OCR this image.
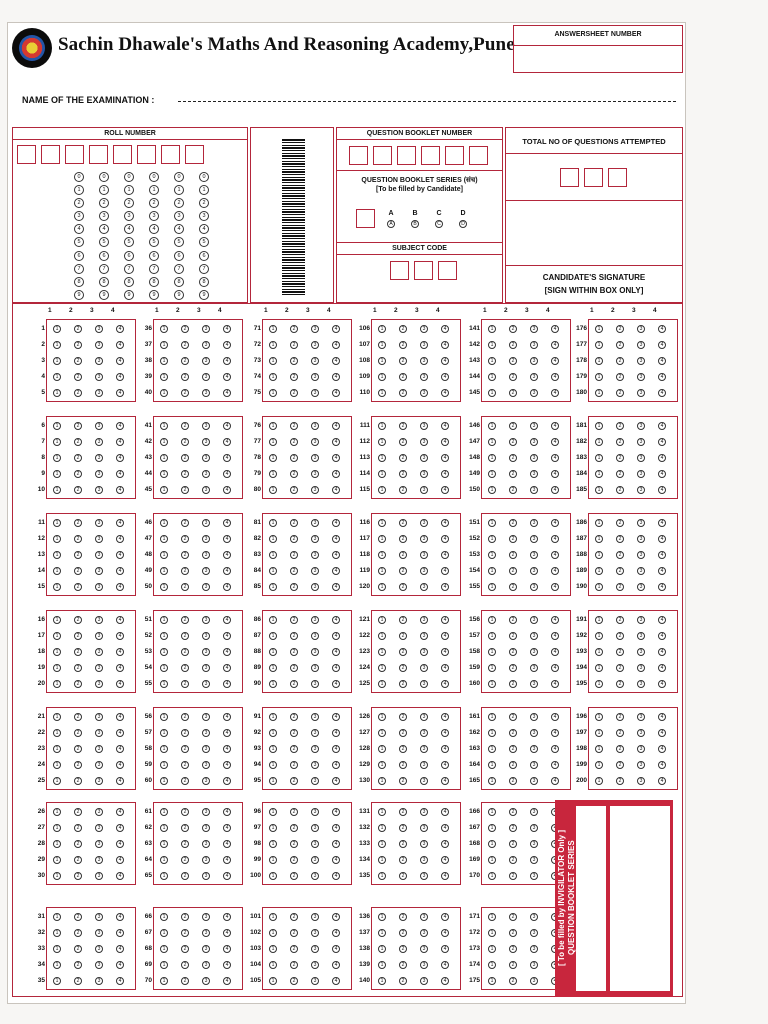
Sachin Dhawale's Maths And Reasoning Academy,Pune	ANSWERSHEET NUMBER
NAME OF THE EXAMINATION :
ROLL NUMBER
0
1
2
3
4
5
6
7
8
9
0
1
2
3
4
5
6
7
8
9
0
1
2
3
4
5
6
7
8
9
0
1
2
3
4
5
6
7
8
9
0
1
2
3
4
5
6
7
8
9
0
1
2
3
4
5
6
7
8
9
QUESTION BOOKLET NUMBER
QUESTION BOOKLET SERIES (संच)
[To be filled by Candidate]
A
A
B
B
C
C
D
D
SUBJECT CODE
TOTAL NO OF QUESTIONS ATTEMPTED
CANDIDATE'S SIGNATURE
[SIGN WITHIN BOX ONLY]
1	2	3	4	1	2	3	4	1	2	3	4	1	2	3	4	1	2	3	4	1	2	3	4
1	1	2	3	4
2	1	2	3	4
3	1	2	3	4
4	1	2	3	4
5	1	2	3	4
6	1	2	3	4
7	1	2	3	4
8	1	2	3	4
9	1	2	3	4
10	1	2	3	4
11	1	2	3	4
12	1	2	3	4
13	1	2	3	4
14	1	2	3	4
15	1	2	3	4
16	1	2	3	4
17	1	2	3	4
18	1	2	3	4
19	1	2	3	4
20	1	2	3	4
21	1	2	3	4
22	1	2	3	4
23	1	2	3	4
24	1	2	3	4
25	1	2	3	4
26	1	2	3	4
27	1	2	3	4
28	1	2	3	4
29	1	2	3	4
30	1	2	3	4
31	1	2	3	4
32	1	2	3	4
33	1	2	3	4
34	1	2	3	4
35	1	2	3	4
36	1	2	3	4
37	1	2	3	4
38	1	2	3	4
39	1	2	3	4
40	1	2	3	4
41	1	2	3	4
42	1	2	3	4
43	1	2	3	4
44	1	2	3	4
45	1	2	3	4
46	1	2	3	4
47	1	2	3	4
48	1	2	3	4
49	1	2	3	4
50	1	2	3	4
51	1	2	3	4
52	1	2	3	4
53	1	2	3	4
54	1	2	3	4
55	1	2	3	4
56	1	2	3	4
57	1	2	3	4
58	1	2	3	4
59	1	2	3	4
60	1	2	3	4
61	1	2	3	4
62	1	2	3	4
63	1	2	3	4
64	1	2	3	4
65	1	2	3	4
66	1	2	3	4
67	1	2	3	4
68	1	2	3	4
69	1	2	3	4
70	1	2	3	4
71	1	2	3	4
72	1	2	3	4
73	1	2	3	4
74	1	2	3	4
75	1	2	3	4
76	1	2	3	4
77	1	2	3	4
78	1	2	3	4
79	1	2	3	4
80	1	2	3	4
81	1	2	3	4
82	1	2	3	4
83	1	2	3	4
84	1	2	3	4
85	1	2	3	4
86	1	2	3	4
87	1	2	3	4
88	1	2	3	4
89	1	2	3	4
90	1	2	3	4
91	1	2	3	4
92	1	2	3	4
93	1	2	3	4
94	1	2	3	4
95	1	2	3	4
96	1	2	3	4
97	1	2	3	4
98	1	2	3	4
99	1	2	3	4
100	1	2	3	4
101	1	2	3	4
102	1	2	3	4
103	1	2	3	4
104	1	2	3	4
105	1	2	3	4
106	1	2	3	4
107	1	2	3	4
108	1	2	3	4
109	1	2	3	4
110	1	2	3	4
111	1	2	3	4
112	1	2	3	4
113	1	2	3	4
114	1	2	3	4
115	1	2	3	4
116	1	2	3	4
117	1	2	3	4
118	1	2	3	4
119	1	2	3	4
120	1	2	3	4
121	1	2	3	4
122	1	2	3	4
123	1	2	3	4
124	1	2	3	4
125	1	2	3	4
126	1	2	3	4
127	1	2	3	4
128	1	2	3	4
129	1	2	3	4
130	1	2	3	4
131	1	2	3	4
132	1	2	3	4
133	1	2	3	4
134	1	2	3	4
135	1	2	3	4
136	1	2	3	4
137	1	2	3	4
138	1	2	3	4
139	1	2	3	4
140	1	2	3	4
141	1	2	3	4
142	1	2	3	4
143	1	2	3	4
144	1	2	3	4
145	1	2	3	4
146	1	2	3	4
147	1	2	3	4
148	1	2	3	4
149	1	2	3	4
150	1	2	3	4
151	1	2	3	4
152	1	2	3	4
153	1	2	3	4
154	1	2	3	4
155	1	2	3	4
156	1	2	3	4
157	1	2	3	4
158	1	2	3	4
159	1	2	3	4
160	1	2	3	4
161	1	2	3	4
162	1	2	3	4
163	1	2	3	4
164	1	2	3	4
165	1	2	3	4
166	1	2	3
167	1	2	3
168	1	2	3
169	1	2	3
170	1	2	3
171	1	2	3
172	1	2	3
173	1	2	3
174	1	2	3
175	1	2	3
176	1	2	3	4
177	1	2	3	4
178	1	2	3	4
179	1	2	3	4
180	1	2	3	4
181	1	2	3	4
182	1	2	3	4
183	1	2	3	4
184	1	2	3	4
185	1	2	3	4
186	1	2	3	4
187	1	2	3	4
188	1	2	3	4
189	1	2	3	4
190	1	2	3	4
191	1	2	3	4
192	1	2	3	4
193	1	2	3	4
194	1	2	3	4
195	1	2	3	4
196	1	2	3	4
197	1	2	3	4
198	1	2	3	4
199	1	2	3	4
200	1	2	3	4
[ To be filled by INVIGILATOR Only ] QUESTION BOOKLET SERIES	INVIGILATOR'S SIGNATURE [ WITHIN BOX ONLY ]
A A
B B
C C
D D
